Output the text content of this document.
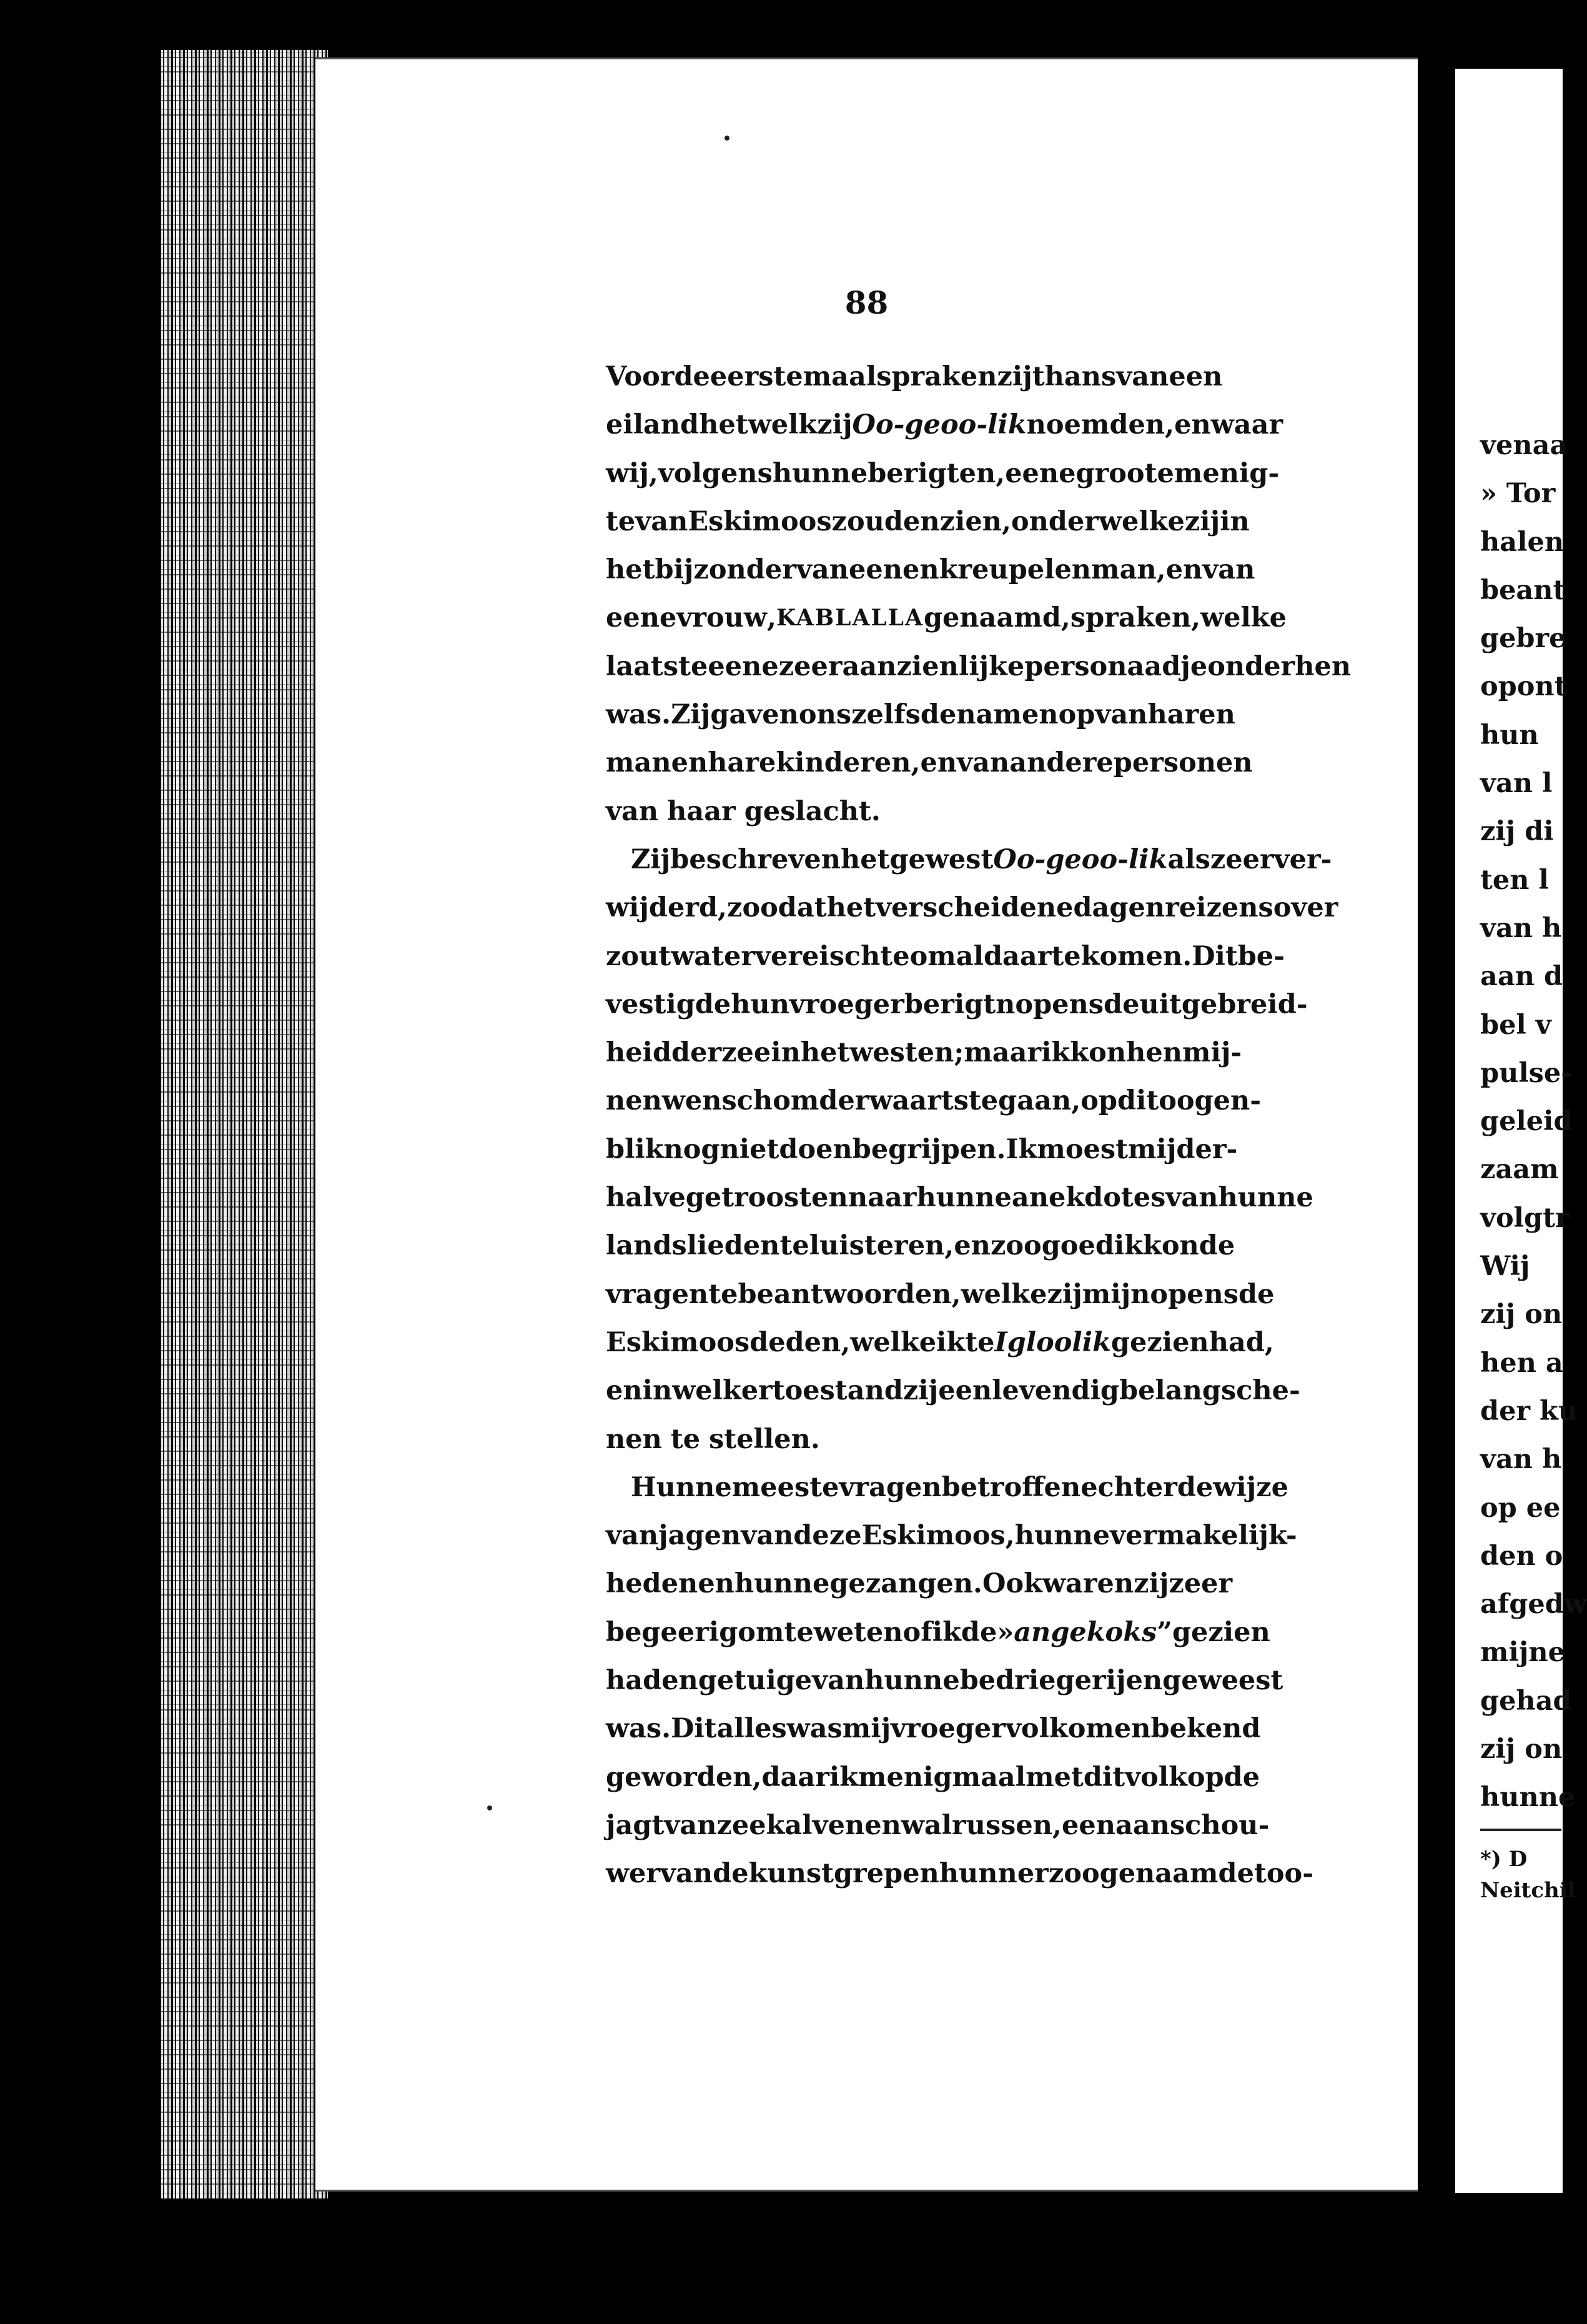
88
Voor de eerste maal spraken zij thans van een
eiland hetwelk zij Oo-geoo-lik noemden , en waar
wij , volgens hunne berigten , eene groote menig-
te van Eskimoos zouden zien , onder welke zij in
het bijzonder van eenen kreupelen man , en van
eene vrouw , KABLALLA genaamd, spraken, welke
laatste eene zeer aanzienlijke personaadje onder hen
was. Zij gaven ons zelfs de namen op van haren
man en hare kinderen , en van andere personen
van haar geslacht.
Zij beschreven het gewest Oo-geoo-lik als zeer ver-
wijderd, zoodat het verscheidene dagen reizens over
zout water vereischte om aldaar te komen. Dit be-
vestigde hun vroeger berigt nopens de uitgebreid-
heid der zee in het westen; maar ik kon hen mij-
nen wensch om derwaarts te gaan , op dit oogen-
blik nog niet doen begrijpen. Ik moest mij der-
halve getroosten naar hunne anekdotes van hunne
landslieden te luisteren , en zoo goed ik kon de
vragen te beantwoorden , welke zij mij nopens de
Eskimoos deden , welke ik te Igloolik gezien had ,
en in welker toestand zij een levendig belang sche-
nen te stellen.
Hunne meeste vragen betroffen echter de wijze
van jagen van deze Eskimoos, hunne vermakelijk-
heden en hunne gezangen. Ook waren zij zeer
begeerig om te weten of ik de » angekoks ” gezien
had en getuige van hunne bedriegerijen geweest
was. Dit alles was mij vroeger volkomen bekend
geworden , daar ik menigmaal met dit volk op de
jagt van zeekalven en walrussen , een aanschou-
wer van de kunstgrepen hunner zoogenaamde too-
venaa
» Tor
halen
beant
gebre
opont
hun
van l
zij di
ten l
van h
aan d
bel v
pulse-
geleid
zaam
volgtr
Wij
zij on
hen a
der ku
van h
op ee
den o
afgedw
mijne
gehad
zij on
hunne
*) D
Neitchil
